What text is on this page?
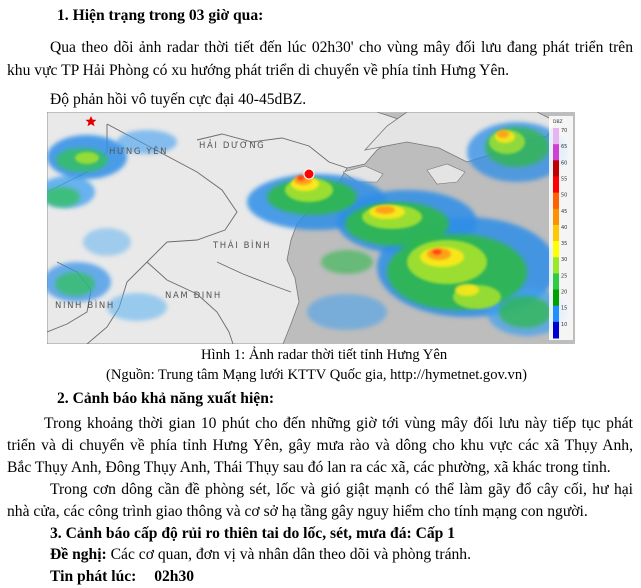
1. Hiện trạng trong 03 giờ qua:
Qua theo dõi ảnh radar thời tiết đến lúc 02h30' cho vùng mây đối lưu đang phát triển trên
khu vực TP Hải Phòng có xu hướng phát triển di chuyển về phía tỉnh Hưng Yên.
Độ phản hồi vô tuyến cực đại 40-45dBZ.
HƯNG YÊN
HẢI DƯƠNG
THÁI BÌNH
NAM ĐỊNH
NINH BÌNH
DBZ
70
65
60
55
50
45
40
35
30
25
20
15
10
Hình 1: Ảnh radar thời tiết tỉnh Hưng Yên
(Nguồn: Trung tâm Mạng lưới KTTV Quốc gia, http://hymetnet.gov.vn)
2. Cảnh báo khả năng xuất hiện:
Trong khoảng thời gian 10 phút cho đến những giờ tới vùng mây đối lưu này tiếp tục phát
triển và di chuyển về phía tỉnh Hưng Yên, gây mưa rào và dông cho khu vực các xã Thụy Anh,
Bắc Thụy Anh, Đông Thụy Anh, Thái Thụy sau đó lan ra các xã, các phường, xã khác trong tỉnh.
Trong cơn dông cần đề phòng sét, lốc và gió giật mạnh có thể làm gãy đổ cây cối, hư hại
nhà cửa, các công trình giao thông và cơ sở hạ tầng gây nguy hiểm cho tính mạng con người.
3. Cảnh báo cấp độ rủi ro thiên tai do lốc, sét, mưa đá: Cấp 1
Đề nghị: Các cơ quan, đơn vị và nhân dân theo dõi và phòng tránh.
Tin phát lúc: 02h30
